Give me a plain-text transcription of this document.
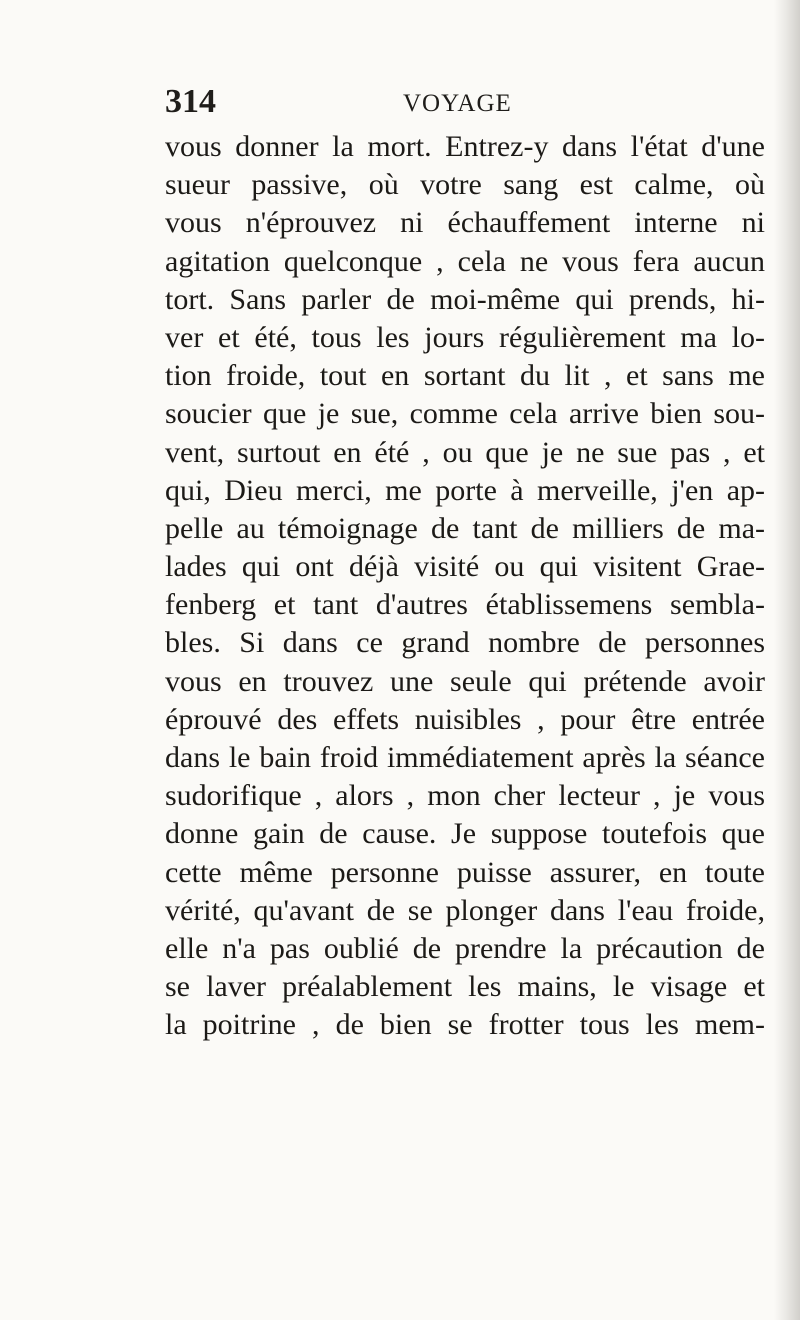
314	VOYAGE
vous donner la mort. Entrez-y dans l'état d'une
sueur passive, où votre sang est calme, où
vous n'éprouvez ni échauffement interne ni
agitation quelconque , cela ne vous fera aucun
tort. Sans parler de moi-même qui prends, hi-
ver et été, tous les jours régulièrement ma lo-
tion froide, tout en sortant du lit , et sans me
soucier que je sue, comme cela arrive bien sou-
vent, surtout en été , ou que je ne sue pas , et
qui, Dieu merci, me porte à merveille, j'en ap-
pelle au témoignage de tant de milliers de ma-
lades qui ont déjà visité ou qui visitent Grae-
fenberg et tant d'autres établissemens sembla-
bles. Si dans ce grand nombre de personnes
vous en trouvez une seule qui prétende avoir
éprouvé des effets nuisibles , pour être entrée
dans le bain froid immédiatement après la séance
sudorifique , alors , mon cher lecteur , je vous
donne gain de cause. Je suppose toutefois que
cette même personne puisse assurer, en toute
vérité, qu'avant de se plonger dans l'eau froide,
elle n'a pas oublié de prendre la précaution de
se laver préalablement les mains, le visage et
la poitrine , de bien se frotter tous les mem-
